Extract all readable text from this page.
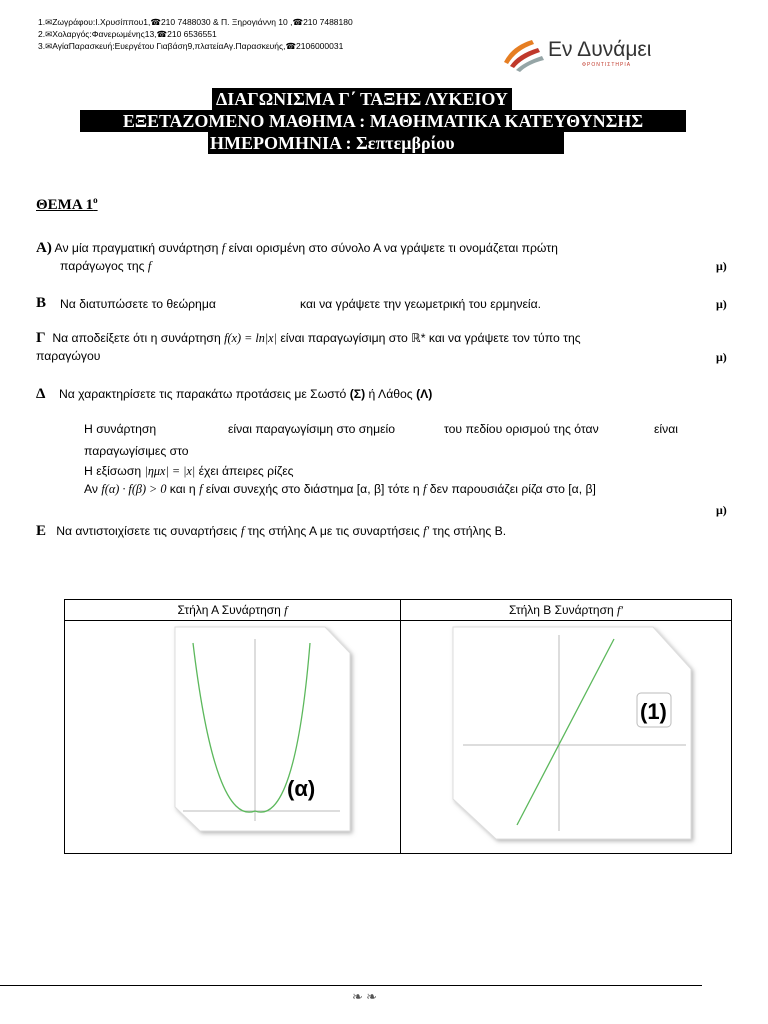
1.✉Ζωγράφου:Ι.Χρυσίππου1,☎210 7488030 & Π. Ξηρογιάννη 10 ,☎210 7488180
2.✉Χολαργός:Φανερωμένης13,☎210 6536551
3.✉ΑγίαΠαρασκευή:Ευεργέτου Γιαβάση9,πλατείαΑγ.Παρασκευής,☎2106000031	Εν Δυνάμει
ΦΡΟΝΤΙΣΤΗΡΙΑ
ΔΙΑΓΩΝΙΣΜΑ Γ΄ ΤΑΞΗΣ ΛΥΚΕΙΟΥ
ΕΞΕΤΑΖΟΜΕΝΟ ΜΑΘΗΜΑ : ΜΑΘΗΜΑΤΙΚΑ ΚΑΤΕΥΘΥΝΣΗΣ
ΗΜΕΡΟΜΗΝΙΑ : Σεπτεμβρίου
ΘΕΜΑ $1^o$
Α) Αν μία πραγματική συνάρτηση f είναι ορισμένη στο σύνολο Α να γράψετε τι ονομάζεται πρώτη
παράγωγος της f	μ)
Β Να διατυπώσετε το θεώρημα	και να γράψετε την γεωμετρική του ερμηνεία.	μ)
Γ Να αποδείξετε ότι η συνάρτηση f(x) = ln|x| είναι παραγωγίσιμη στο ℝ* και να γράψετε τον τύπο της
παραγώγου	μ)
Δ Να χαρακτηρίσετε τις παρακάτω προτάσεις με Σωστό (Σ) ή Λάθος (Λ)
Η συνάρτηση	είναι παραγωγίσιμη στο σημείο	του πεδίου ορισμού της όταν	είναι
παραγωγίσιμες στο
Η εξίσωση |ημx| = |x| έχει άπειρες ρίζες
Αν f(α) · f(β) > 0 και η f είναι συνεχής στο διάστημα [α, β] τότε η f δεν παρουσιάζει ρίζα στο [α, β]
μ)
Ε Να αντιστοιχίσετε τις συναρτήσεις f της στήλης Α με τις συναρτήσεις f′ της στήλης Β.
Στήλη Α Συνάρτηση f	Στήλη Β Συνάρτηση f′

(α)	(1)
❧ ❧
